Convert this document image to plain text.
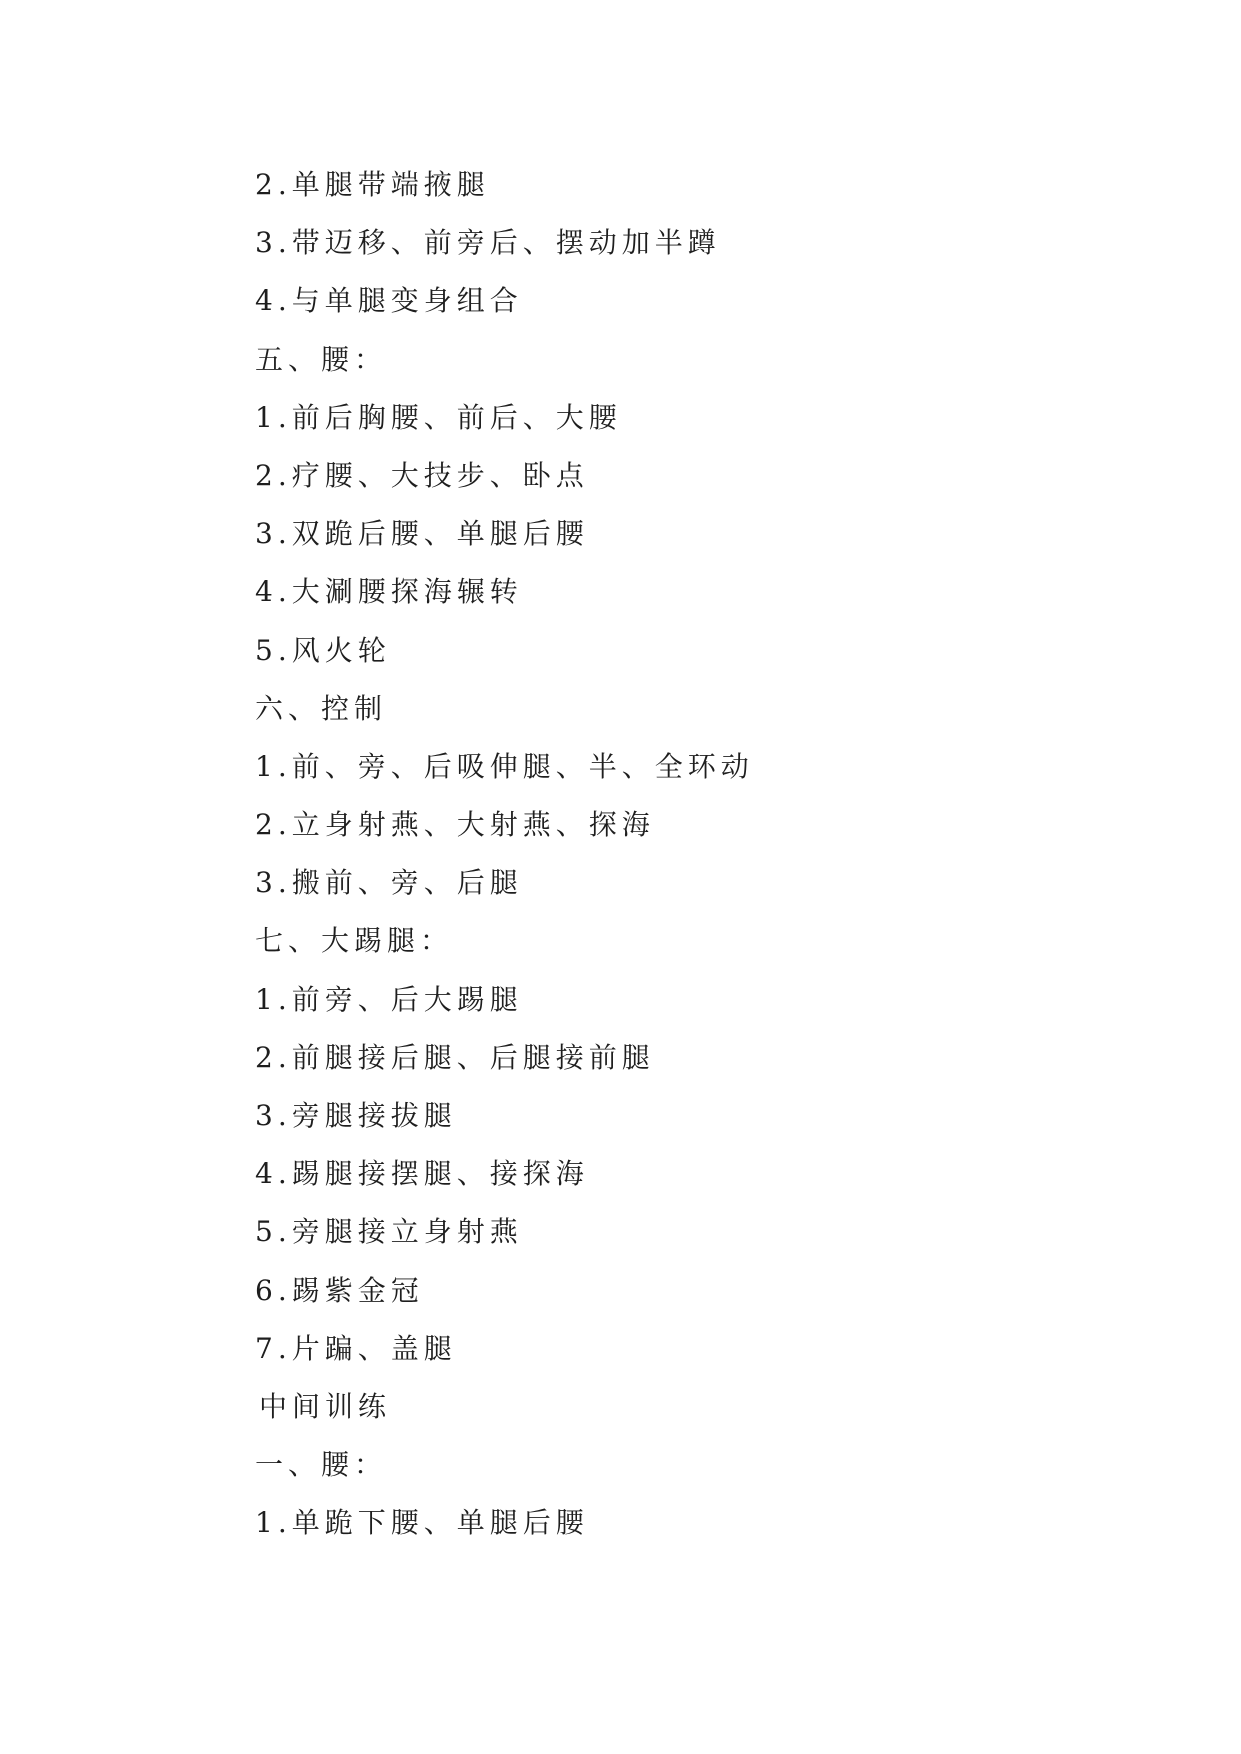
2.单腿带端掖腿
3.带迈移、前旁后、摆动加半蹲
4.与单腿变身组合
五、腰：
1.前后胸腰、前后、大腰
2.疗腰、大技步、卧点
3.双跪后腰、单腿后腰
4.大涮腰探海辗转
5.风火轮
六、控制
1.前、旁、后吸伸腿、半、全环动
2.立身射燕、大射燕、探海
3.搬前、旁、后腿
七、大踢腿：
1.前旁、后大踢腿
2.前腿接后腿、后腿接前腿
3.旁腿接拔腿
4.踢腿接摆腿、接探海
5.旁腿接立身射燕
6.踢紫金冠
7.片蹁、盖腿
中间训练
一、腰：
1.单跪下腰、单腿后腰
